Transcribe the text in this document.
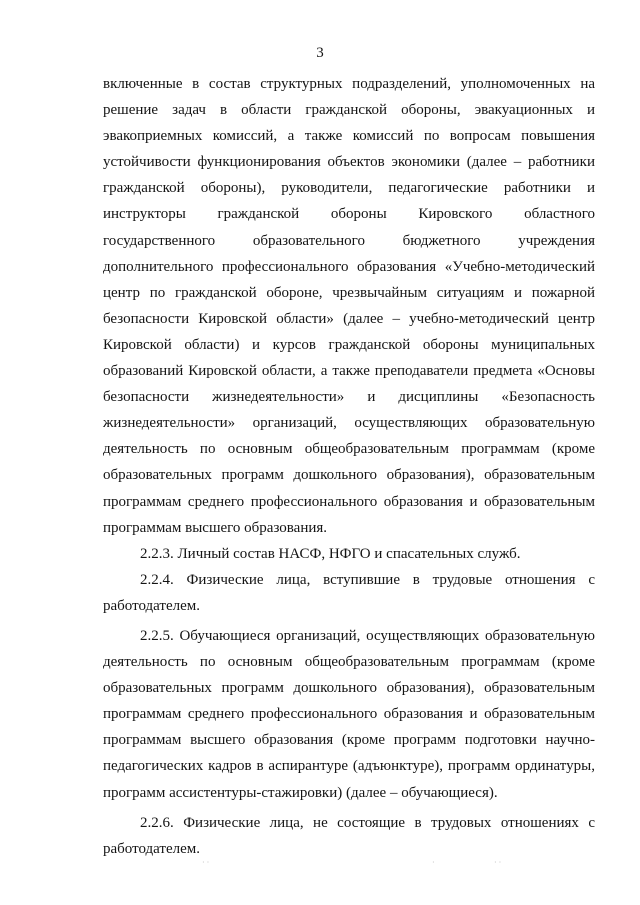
3

включенные в состав структурных подразделений, уполномоченных на решение задач в области гражданской обороны, эвакуационных и эвакоприемных комиссий, а также комиссий по вопросам повышения устойчивости функционирования объектов экономики (далее – работники гражданской обороны), руководители, педагогические работники и инструкторы гражданской обороны Кировского областного государственного образовательного бюджетного учреждения дополнительного профессионального образования «Учебно-методический центр по гражданской обороне, чрезвычайным ситуациям и пожарной безопасности Кировской области» (далее – учебно-методический центр Кировской области) и курсов гражданской обороны муниципальных образований Кировской области, а также преподаватели предмета «Основы безопасности жизнедеятельности» и дисциплины «Безопасность жизнедеятельности» организаций, осуществляющих образовательную деятельность по основным общеобразовательным программам (кроме образовательных программ дошкольного образования), образовательным программам среднего профессионального образования и образовательным программам высшего образования.

2.2.3. Личный состав НАСФ, НФГО и спасательных служб.

2.2.4. Физические лица, вступившие в трудовые отношения с работодателем.

2.2.5. Обучающиеся организаций, осуществляющих образовательную деятельность по основным общеобразовательным программам (кроме образовательных программ дошкольного образования), образовательным программам среднего профессионального образования и образовательным программам высшего образования (кроме программ подготовки научно-педагогических кадров в аспирантуре (адъюнктуре), программ ординатуры, программ ассистентуры-стажировки) (далее – обучающиеся).

2.2.6. Физические лица, не состоящие в трудовых отношениях с работодателем.

· ·	·	· ·
